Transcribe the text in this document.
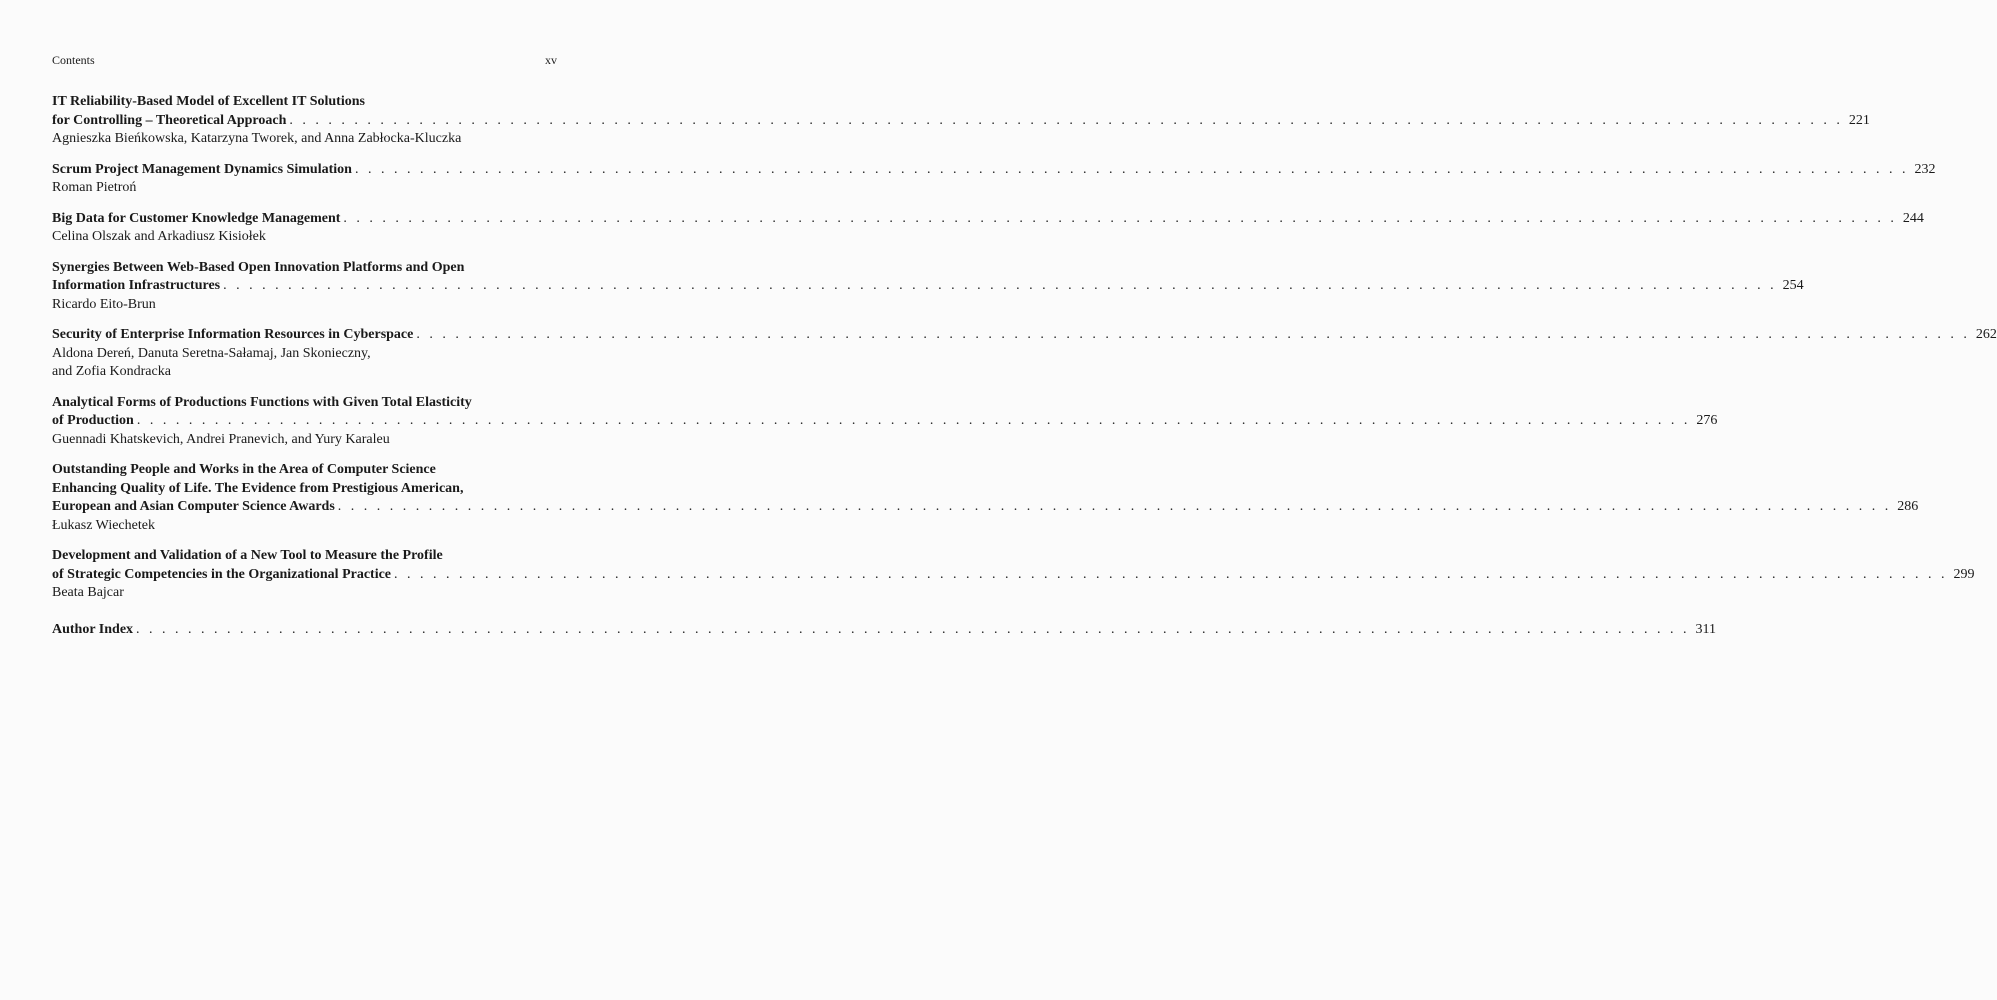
Contents	xv
IT Reliability-Based Model of Excellent IT Solutions
for Controlling – Theoretical Approach . . . . . . . . . . . . . . . . . . . . . . . . . . . . . . . . . . . . . . . . . . . . . . . . . . . . . . . . . . . . . . . . . . . . . . . . . . . . . . . . . . . . . . . . . . . . . . . . . . . . . . . . . . . . . . . . . . . . . . . . 221
Agnieszka Bieńkowska, Katarzyna Tworek, and Anna Zabłocka-Kluczka
Scrum Project Management Dynamics Simulation . . . . . . . . . . . . . . . . . . . . . . . . . . . . . . . . . . . . . . . . . . . . . . . . . . . . . . . . . . . . . . . . . . . . . . . . . . . . . . . . . . . . . . . . . . . . . . . . . . . . . . . . . . . . . . . . . . . . . . . . 232
Roman Pietroń
Big Data for Customer Knowledge Management . . . . . . . . . . . . . . . . . . . . . . . . . . . . . . . . . . . . . . . . . . . . . . . . . . . . . . . . . . . . . . . . . . . . . . . . . . . . . . . . . . . . . . . . . . . . . . . . . . . . . . . . . . . . . . . . . . . . . . . . 244
Celina Olszak and Arkadiusz Kisiołek
Synergies Between Web-Based Open Innovation Platforms and Open
Information Infrastructures . . . . . . . . . . . . . . . . . . . . . . . . . . . . . . . . . . . . . . . . . . . . . . . . . . . . . . . . . . . . . . . . . . . . . . . . . . . . . . . . . . . . . . . . . . . . . . . . . . . . . . . . . . . . . . . . . . . . . . . . 254
Ricardo Eito-Brun
Security of Enterprise Information Resources in Cyberspace . . . . . . . . . . . . . . . . . . . . . . . . . . . . . . . . . . . . . . . . . . . . . . . . . . . . . . . . . . . . . . . . . . . . . . . . . . . . . . . . . . . . . . . . . . . . . . . . . . . . . . . . . . . . . . . . . . . . . . . . 262
Aldona Dereń, Danuta Seretna-Sałamaj, Jan Skonieczny,
and Zofia Kondracka
Analytical Forms of Productions Functions with Given Total Elasticity
of Production . . . . . . . . . . . . . . . . . . . . . . . . . . . . . . . . . . . . . . . . . . . . . . . . . . . . . . . . . . . . . . . . . . . . . . . . . . . . . . . . . . . . . . . . . . . . . . . . . . . . . . . . . . . . . . . . . . . . . . . . 276
Guennadi Khatskevich, Andrei Pranevich, and Yury Karaleu
Outstanding People and Works in the Area of Computer Science
Enhancing Quality of Life. The Evidence from Prestigious American,
European and Asian Computer Science Awards . . . . . . . . . . . . . . . . . . . . . . . . . . . . . . . . . . . . . . . . . . . . . . . . . . . . . . . . . . . . . . . . . . . . . . . . . . . . . . . . . . . . . . . . . . . . . . . . . . . . . . . . . . . . . . . . . . . . . . . . 286
Łukasz Wiechetek
Development and Validation of a New Tool to Measure the Profile
of Strategic Competencies in the Organizational Practice . . . . . . . . . . . . . . . . . . . . . . . . . . . . . . . . . . . . . . . . . . . . . . . . . . . . . . . . . . . . . . . . . . . . . . . . . . . . . . . . . . . . . . . . . . . . . . . . . . . . . . . . . . . . . . . . . . . . . . . . 299
Beata Bajcar
Author Index . . . . . . . . . . . . . . . . . . . . . . . . . . . . . . . . . . . . . . . . . . . . . . . . . . . . . . . . . . . . . . . . . . . . . . . . . . . . . . . . . . . . . . . . . . . . . . . . . . . . . . . . . . . . . . . . . . . . . . . . 311
